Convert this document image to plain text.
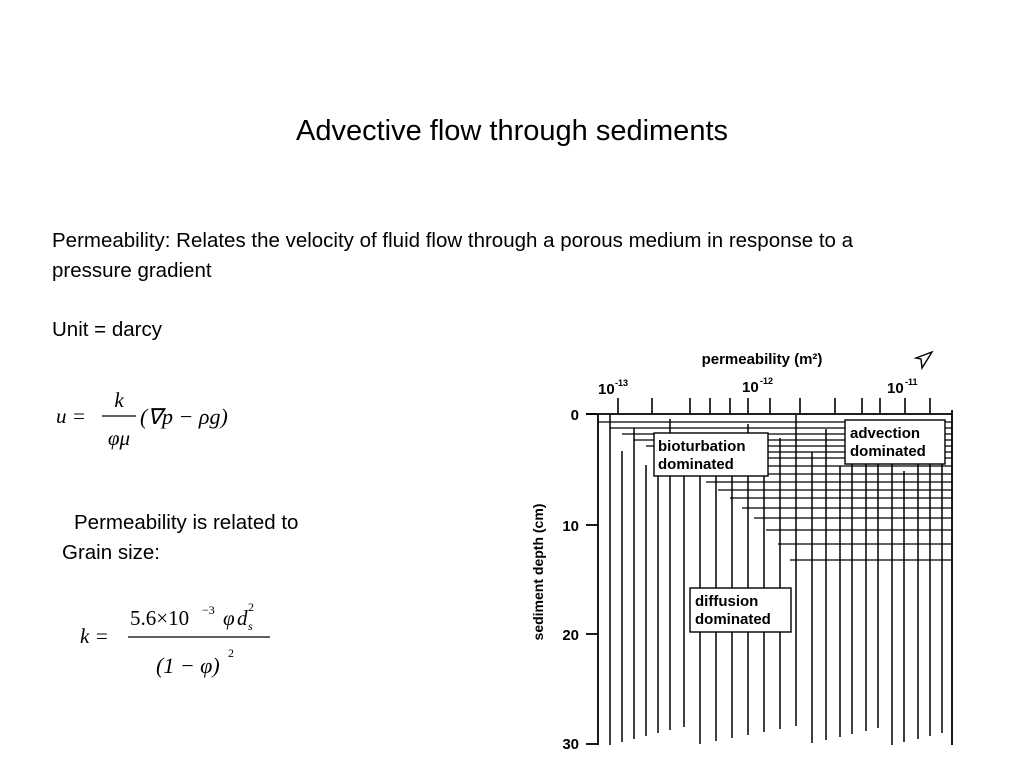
Advective flow through sediments
Permeability: Relates the velocity of fluid flow through a porous medium in response to a pressure gradient
Unit = darcy
Permeability is related to
Grain size:
u =
k
φμ
(∇p − ρg)
k =
5.6×10 −3 φ d 2
s
(1 − φ) 2
permeability (m²)
10 -13	10 -12	10 -11
0
10
20
30
sediment depth (cm)
bioturbation
dominated
advection
dominated
diffusion
dominated
